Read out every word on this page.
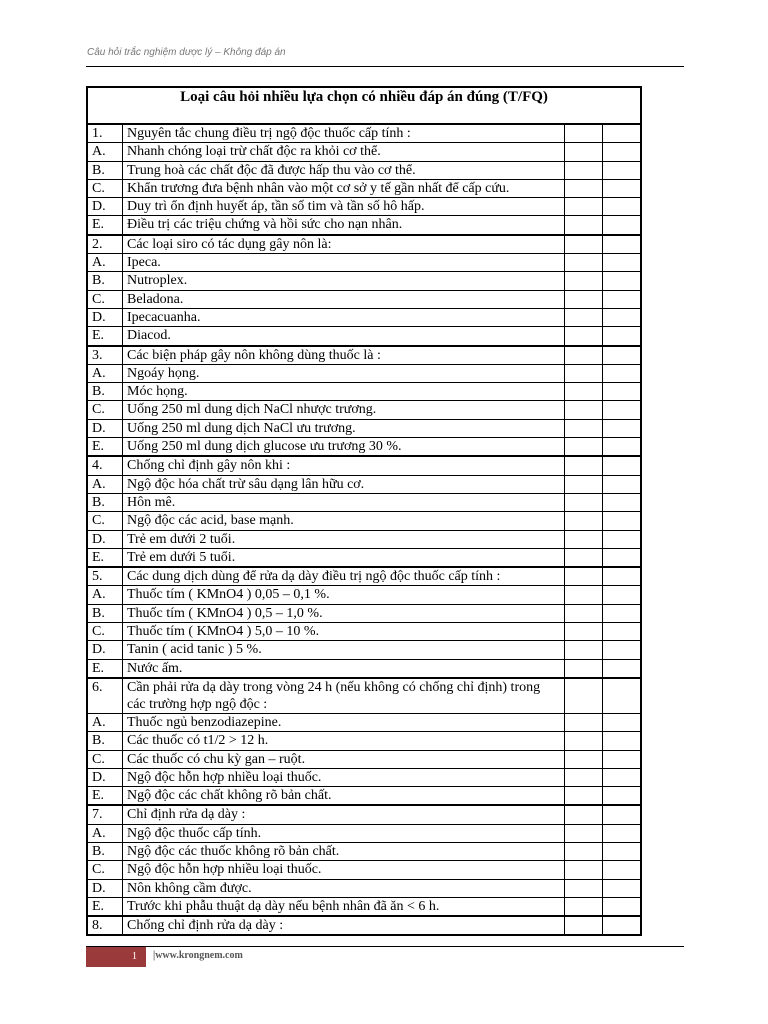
Câu hỏi trắc nghiệm dược lý – Không đáp án
Loại câu hỏi nhiều lựa chọn có nhiều đáp án đúng (T/FQ)			
1.	Nguyên tắc chung điều trị ngộ độc thuốc cấp tính :		
A.	Nhanh chóng loại trừ chất độc ra khỏi cơ thể.		
B.	Trung hoà các chất độc đã được hấp thu vào cơ thể.		
C.	Khẩn trương đưa bệnh nhân vào một cơ sở y tế gần nhất để cấp cứu.		
D.	Duy trì ổn định huyết áp, tần số tim và tần số hô hấp.		
E.	Điều trị các triệu chứng và hồi sức cho nạn nhân.		
2.	Các loại siro có tác dụng gây nôn là:		
A.	Ipeca.		
B.	Nutroplex.		
C.	Beladona.		
D.	Ipecacuanha.		
E.	Diacod.		
3.	Các biện pháp gây nôn không dùng thuốc là :		
A.	Ngoáy họng.		
B.	Móc họng.		
C.	Uống 250 ml dung dịch NaCl nhược trương.		
D.	Uống 250 ml dung dịch NaCl ưu trương.		
E.	Uống 250 ml dung dịch glucose ưu trương 30 %.		
4.	Chống chỉ định gây nôn khi :		
A.	Ngộ độc hóa chất trừ sâu dạng lân hữu cơ.		
B.	Hôn mê.		
C.	Ngộ độc các acid, base mạnh.		
D.	Trẻ em dưới 2 tuổi.		
E.	Trẻ em dưới 5 tuổi.		
5.	Các dung dịch dùng để rửa dạ dày điều trị ngộ độc thuốc cấp tính :		
A.	Thuốc tím ( KMnO4 ) 0,05 – 0,1 %.		
B.	Thuốc tím ( KMnO4 ) 0,5 – 1,0 %.		
C.	Thuốc tím ( KMnO4 ) 5,0 – 10 %.		
D.	Tanin ( acid tanic ) 5 %.		
E.	Nước ấm.		
6.	Cần phải rửa dạ dày trong vòng 24 h (nếu không có chống chỉ định) trong các trường hợp ngộ độc :		
A.	Thuốc ngủ benzodiazepine.		
B.	Các thuốc có t1/2 > 12 h.		
C.	Các thuốc có chu kỳ gan – ruột.		
D.	Ngộ độc hỗn hợp nhiều loại thuốc.		
E.	Ngộ độc các chất không rõ bản chất.		
7.	Chỉ định rửa dạ dày :		
A.	Ngộ độc thuốc cấp tính.		
B.	Ngộ độc các thuốc không rõ bản chất.		
C.	Ngộ độc hỗn hợp nhiều loại thuốc.		
D.	Nôn không cầm được.		
E.	Trước khi phẫu thuật dạ dày nếu bệnh nhân đã ăn < 6 h.		
8.	Chống chỉ định rửa dạ dày :		
1	|www.krongnem.com
